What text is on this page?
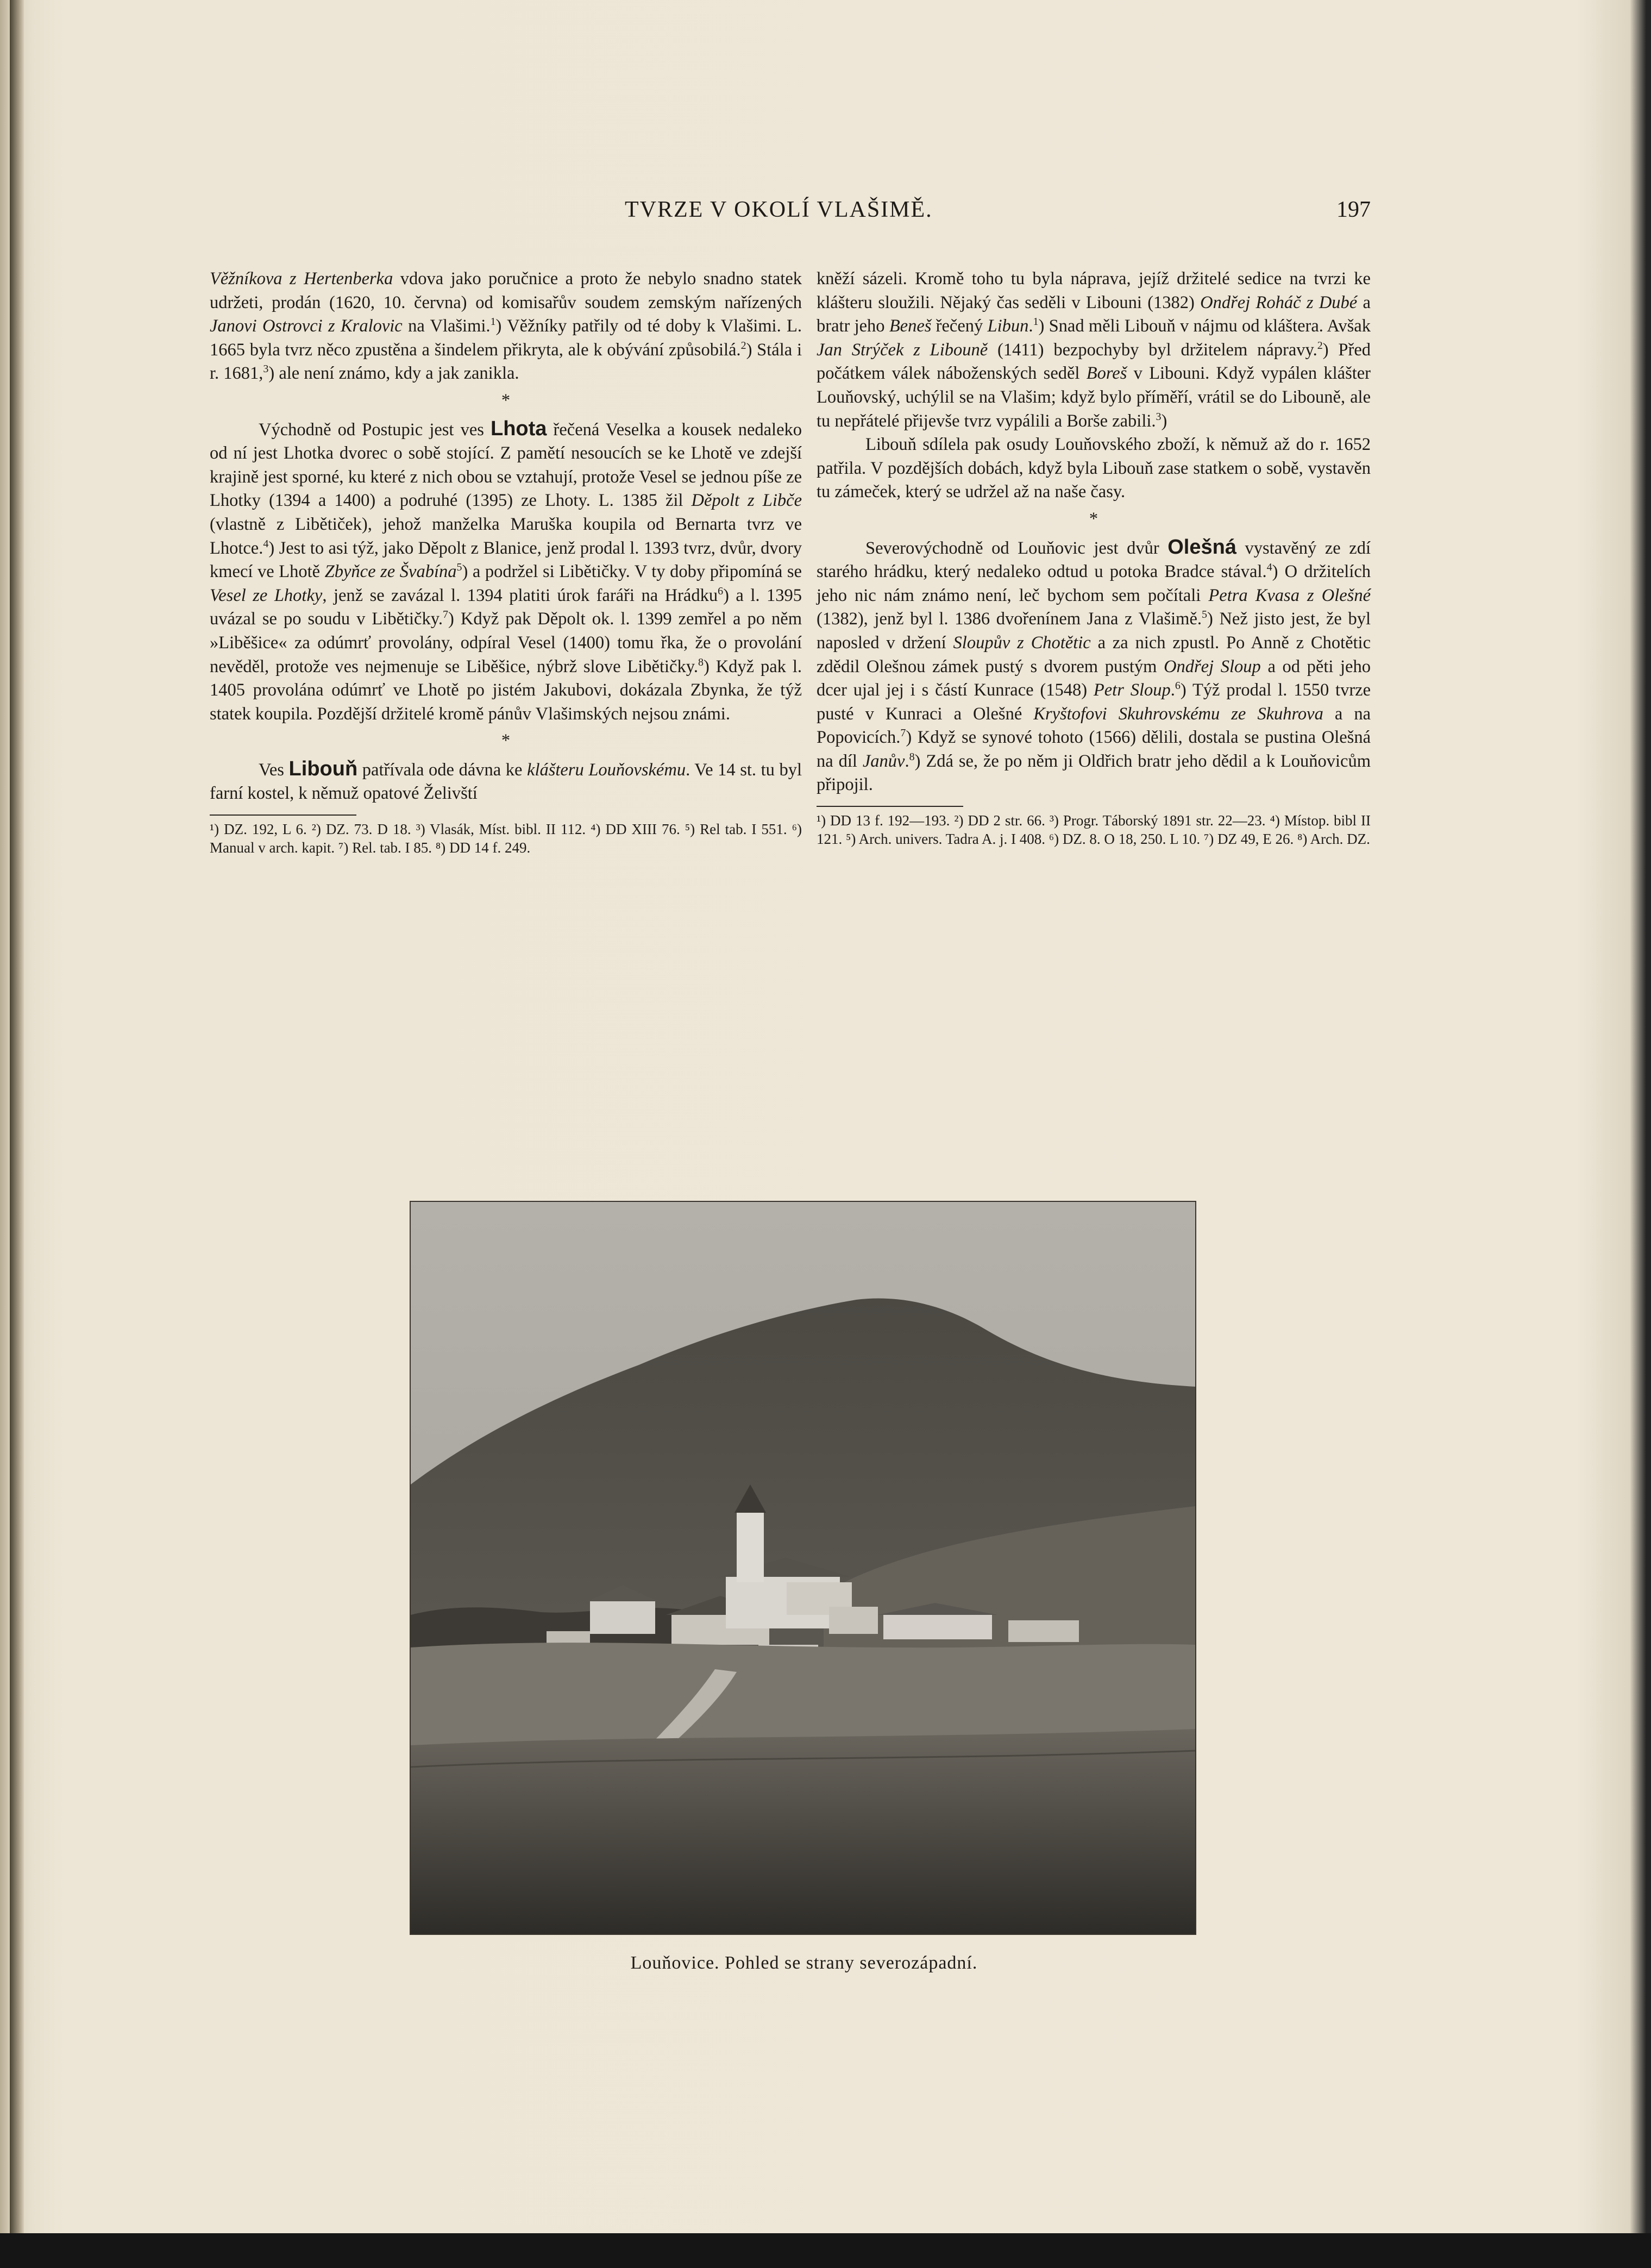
TVRZE V OKOLÍ VLAŠIMĚ.	197

Věžníkova z Hertenberka vdova jako poručnice a proto že nebylo snadno statek udržeti, prodán (1620, 10. června) od komisařův soudem zemským nařízených Janovi Ostrovci z Kralovic na Vlašimi.$^1$) Věžníky patřily od té doby k Vlašimi. L. 1665 byla tvrz něco zpustěna a šindelem přikryta, ale k obývání způsobilá.$^2$) Stála i r. 1681,$^3$) ale není známo, kdy a jak zanikla.

*

Východně od Postupic jest ves Lhota řečená Veselka a kousek nedaleko od ní jest Lhotka dvorec o sobě stojící. Z pamětí nesoucích se ke Lhotě ve zdejší krajině jest sporné, ku které z nich obou se vztahují, protože Vesel se jednou píše ze Lhotky (1394 a 1400) a podruhé (1395) ze Lhoty. L. 1385 žil Děpolt z Libče (vlastně z Libětiček), jehož manželka Maruška koupila od Bernarta tvrz ve Lhotce.$^4$) Jest to asi týž, jako Děpolt z Blanice, jenž prodal l. 1393 tvrz, dvůr, dvory kmecí ve Lhotě Zbyňce ze Švabína$^5$) a podržel si Libětičky. V ty doby připomíná se Vesel ze Lhotky, jenž se zavázal l. 1394 platiti úrok faráři na Hrádku$^6$) a l. 1395 uvázal se po soudu v Libětičky.$^7$) Když pak Děpolt ok. l. 1399 zemřel a po něm »Liběšice« za odúmrť provolány, odpíral Vesel (1400) tomu řka, že o provolání nevěděl, protože ves nejmenuje se Liběšice, nýbrž slove Libětičky.$^8$) Když pak l. 1405 provolána odúmrť ve Lhotě po jistém Jakubovi, dokázala Zbynka, že týž statek koupila. Pozdější držitelé kromě pánův Vlašimských nejsou známi.

*

Ves Libouň patřívala ode dávna ke klášteru Louňovskému. Ve 14 st. tu byl farní kostel, k němuž opatové Želivští

¹) DZ. 192, L 6. ²) DZ. 73. D 18. ³) Vlasák, Míst. bibl. II 112. ⁴) DD XIII 76. ⁵) Rel tab. I 551. ⁶) Manual v arch. kapit. ⁷) Rel. tab. I 85. ⁸) DD 14 f. 249.

kněží sázeli. Kromě toho tu byla náprava, jejíž držitelé sedice na tvrzi ke klášteru sloužili. Nějaký čas seděli v Libouni (1382) Ondřej Roháč z Dubé a bratr jeho Beneš řečený Libun.$^1$) Snad měli Libouň v nájmu od kláštera. Avšak Jan Strýček z Libouně (1411) bezpochyby byl držitelem nápravy.$^2$) Před počátkem válek náboženských seděl Boreš v Libouni. Když vypálen klášter Louňovský, uchýlil se na Vlašim; když bylo příměří, vrátil se do Libouně, ale tu nepřátelé přijevše tvrz vypálili a Borše zabili.$^3$)

Libouň sdílela pak osudy Louňovského zboží, k němuž až do r. 1652 patřila. V pozdějších dobách, když byla Libouň zase statkem o sobě, vystavěn tu zámeček, který se udržel až na naše časy.

*

Severovýchodně od Louňovic jest dvůr Olešná vystavěný ze zdí starého hrádku, který nedaleko odtud u potoka Bradce stával.$^4$) O držitelích jeho nic nám známo není, leč bychom sem počítali Petra Kvasa z Olešné (1382), jenž byl l. 1386 dvořenínem Jana z Vlašimě.$^5$) Než jisto jest, že byl naposled v držení Sloupův z Chotětic a za nich zpustl. Po Anně z Chotětic zdědil Olešnou zámek pustý s dvorem pustým Ondřej Sloup a od pěti jeho dcer ujal jej i s částí Kunrace (1548) Petr Sloup.$^6$) Týž prodal l. 1550 tvrze pusté v Kunraci a Olešné Kryštofovi Skuhrovskému ze Skuhrova a na Popovicích.$^7$) Když se synové tohoto (1566) dělili, dostala se pustina Olešná na díl Janův.$^8$) Zdá se, že po něm ji Oldřich bratr jeho dědil a k Louňovicům připojil.

¹) DD 13 f. 192—193. ²) DD 2 str. 66. ³) Progr. Táborský 1891 str. 22—23. ⁴) Místop. bibl II 121. ⁵) Arch. univers. Tadra A. j. I 408. ⁶) DZ. 8. O 18, 250. L 10. ⁷) DZ 49, E 26. ⁸) Arch. DZ.

Louňovice. Pohled se strany severozápadní.
